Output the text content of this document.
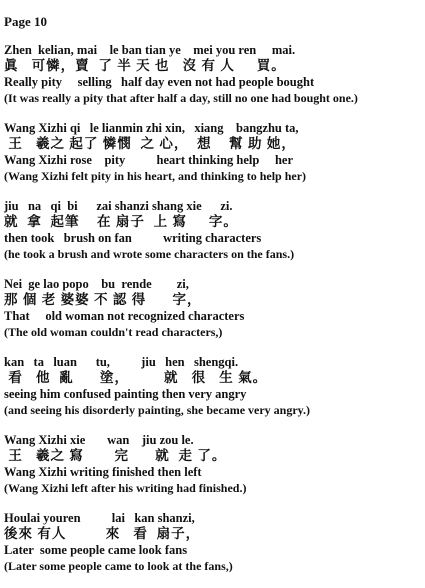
Page 10
Zhen  kelian, mai    le ban tian ye    mei you ren     mai.
眞   可憐，賣  了 半 天 也   沒 有 人     買。
Really pity     selling   half day even not had people bought
(It was really a pity that after half a day, still no one had bought one.)
Wang Xizhi qi   le lianmin zhi xin,   xiang    bangzhu ta,
王   羲之 起了 憐憫  之 心，  想    幫 助 她，
Wang Xizhi rose    pity          heart thinking help     her
(Wang Xizhi felt pity in his heart, and thinking to help her)
jiu   na   qi  bi      zai shanzi shang xie      zi.
就  拿  起筆    在 扇子  上 寫     字。
then took   brush on fan          writing characters
(he took a brush and wrote some characters on the fans.)
Nei  ge lao popo    bu  rende        zi,
那 個 老 婆婆 不 認 得      字，
That     old woman not recognized characters
(The old woman couldn't read characters,)
kan   ta   luan      tu,          jiu   hen   shengqi.
看   他  亂      塗，        就   很   生 氣。
seeing him confused painting then very angry
(and seeing his disorderly painting, she became very angry.)
Wang Xizhi xie       wan    jiu zou le.
王   羲之 寫       完      就  走 了。
Wang Xizhi writing finished then left
(Wang Xizhi left after his writing had finished.)
Houlai youren          lai   kan shanzi,
後來 有人         來   看  扇子，
Later  some people came look fans
(Later some people came to look at the fans,)
